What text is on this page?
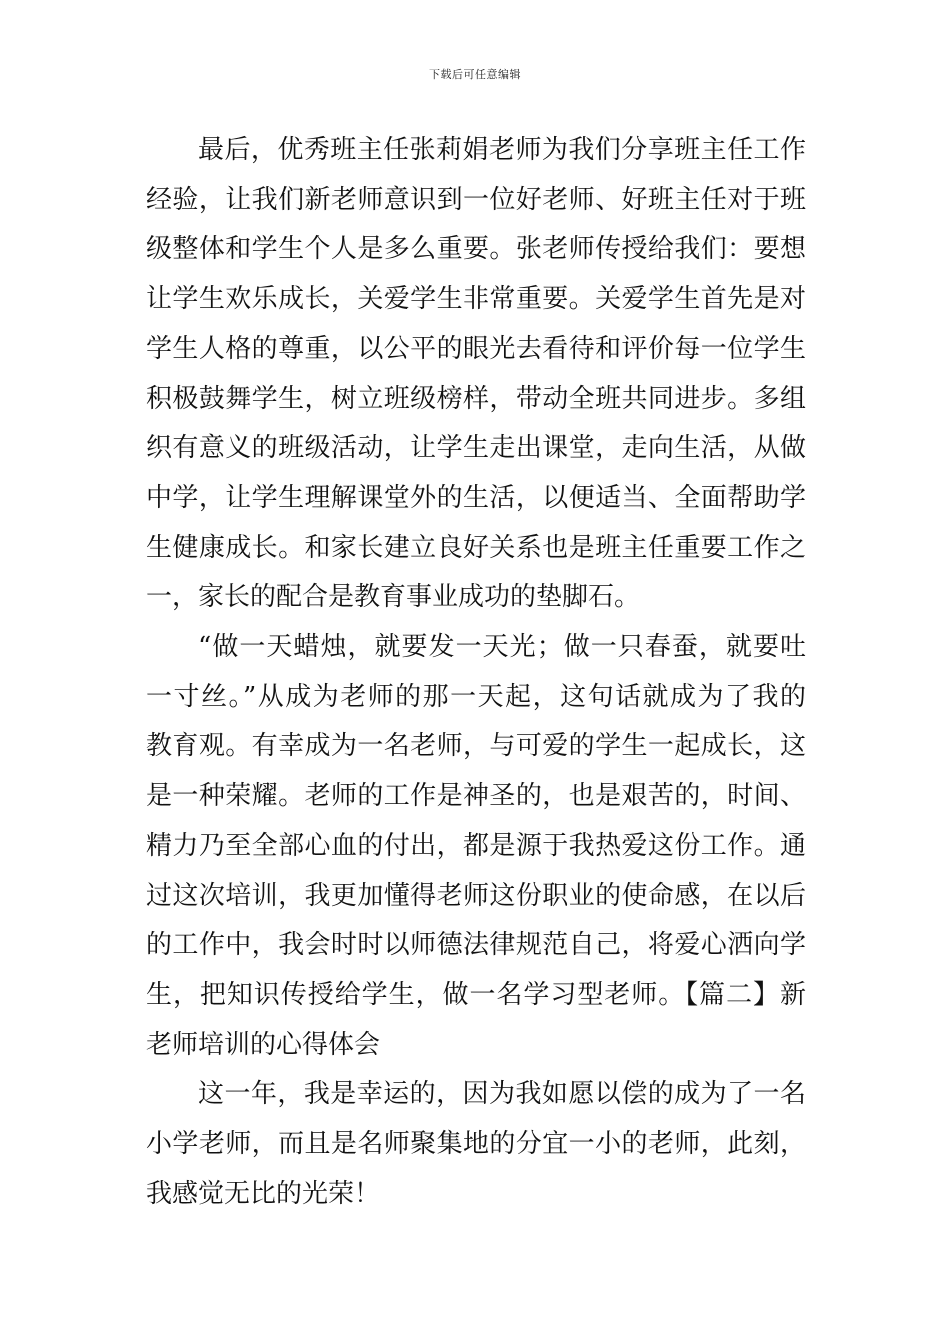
下载后可任意编辑
最后，优秀班主任张莉娟老师为我们分享班主任工作
经验，让我们新老师意识到一位好老师、好班主任对于班
级整体和学生个人是多么重要。张老师传授给我们：要想
让学生欢乐成长，关爱学生非常重要。关爱学生首先是对
学生人格的尊重，以公平的眼光去看待和评价每一位学生
积极鼓舞学生，树立班级榜样，带动全班共同进步。多组
织有意义的班级活动，让学生走出课堂，走向生活，从做
中学，让学生理解课堂外的生活，以便适当、全面帮助学
生健康成长。和家长建立良好关系也是班主任重要工作之
一，家长的配合是教育事业成功的垫脚石。
“做一天蜡烛，就要发一天光；做一只春蚕，就要吐
一寸丝。”从成为老师的那一天起，这句话就成为了我的
教育观。有幸成为一名老师，与可爱的学生一起成长，这
是一种荣耀。老师的工作是神圣的，也是艰苦的，时间、
精力乃至全部心血的付出，都是源于我热爱这份工作。通
过这次培训，我更加懂得老师这份职业的使命感，在以后
的工作中，我会时时以师德法律规范自己，将爱心洒向学
生，把知识传授给学生，做一名学习型老师。【篇二】新
老师培训的心得体会
这一年，我是幸运的，因为我如愿以偿的成为了一名
小学老师，而且是名师聚集地的分宜一小的老师，此刻，
我感觉无比的光荣！
